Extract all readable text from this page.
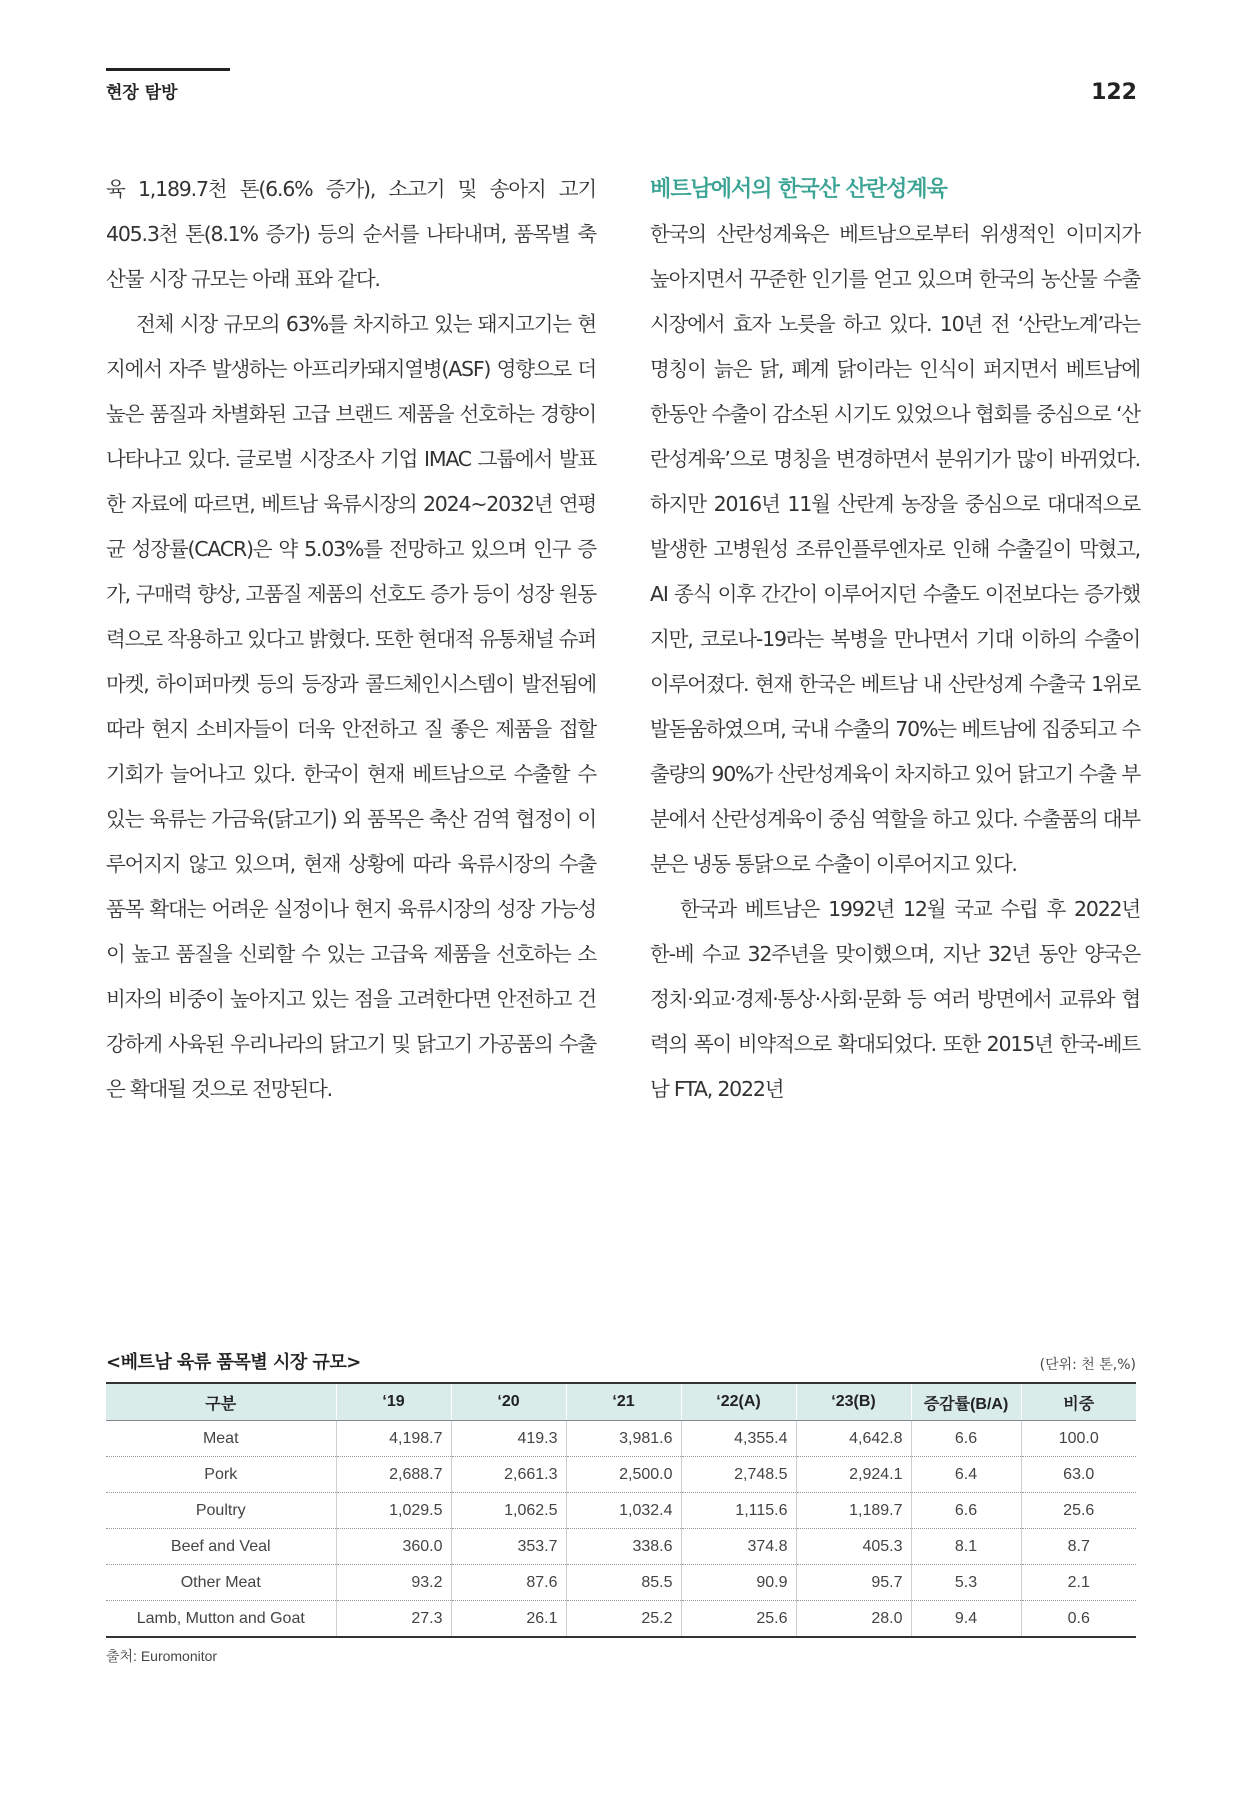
현장 탐방	122

육 1,189.7천 톤(6.6% 증가), 소고기 및 송아지 고기 405.3천 톤(8.1% 증가) 등의 순서를 나타내며, 품목별 축산물 시장 규모는 아래 표와 같다.

전체 시장 규모의 63%를 차지하고 있는 돼지고기는 현지에서 자주 발생하는 아프리카돼지열병(ASF) 영향으로 더 높은 품질과 차별화된 고급 브랜드 제품을 선호하는 경향이 나타나고 있다. 글로벌 시장조사 기업 IMAC 그룹에서 발표한 자료에 따르면, 베트남 육류시장의 2024~2032년 연평균 성장률(CACR)은 약 5.03%를 전망하고 있으며 인구 증가, 구매력 향상, 고품질 제품의 선호도 증가 등이 성장 원동력으로 작용하고 있다고 밝혔다. 또한 현대적 유통채널 슈퍼마켓, 하이퍼마켓 등의 등장과 콜드체인시스템이 발전됨에 따라 현지 소비자들이 더욱 안전하고 질 좋은 제품을 접할 기회가 늘어나고 있다. 한국이 현재 베트남으로 수출할 수 있는 육류는 가금육(닭고기) 외 품목은 축산 검역 협정이 이루어지지 않고 있으며, 현재 상황에 따라 육류시장의 수출 품목 확대는 어려운 실정이나 현지 육류시장의 성장 가능성이 높고 품질을 신뢰할 수 있는 고급육 제품을 선호하는 소비자의 비중이 높아지고 있는 점을 고려한다면 안전하고 건강하게 사육된 우리나라의 닭고기 및 닭고기 가공품의 수출은 확대될 것으로 전망된다.

베트남에서의 한국산 산란성계육

한국의 산란성계육은 베트남으로부터 위생적인 이미지가 높아지면서 꾸준한 인기를 얻고 있으며 한국의 농산물 수출 시장에서 효자 노릇을 하고 있다. 10년 전 ‘산란노계’라는 명칭이 늙은 닭, 폐계 닭이라는 인식이 퍼지면서 베트남에 한동안 수출이 감소된 시기도 있었으나 협회를 중심으로 ‘산란성계육’으로 명칭을 변경하면서 분위기가 많이 바뀌었다. 하지만 2016년 11월 산란계 농장을 중심으로 대대적으로 발생한 고병원성 조류인플루엔자로 인해 수출길이 막혔고, AI 종식 이후 간간이 이루어지던 수출도 이전보다는 증가했지만, 코로나-19라는 복병을 만나면서 기대 이하의 수출이 이루어졌다. 현재 한국은 베트남 내 산란성계 수출국 1위로 발돋움하였으며, 국내 수출의 70%는 베트남에 집중되고 수출량의 90%가 산란성계육이 차지하고 있어 닭고기 수출 부분에서 산란성계육이 중심 역할을 하고 있다. 수출품의 대부분은 냉동 통닭으로 수출이 이루어지고 있다.

한국과 베트남은 1992년 12월 국교 수립 후 2022년 한-베 수교 32주년을 맞이했으며, 지난 32년 동안 양국은 정치·외교·경제·통상·사회·문화 등 여러 방면에서 교류와 협력의 폭이 비약적으로 확대되었다. 또한 2015년 한국-베트남 FTA, 2022년

<베트남 육류 품목별 시장 규모>	(단위: 천 톤,%)
구분	‘19	‘20	‘21	‘22(A)	‘23(B)	증감률(B/A)	비중
Meat	4,198.7	419.3	3,981.6	4,355.4	4,642.8	6.6	100.0
Pork	2,688.7	2,661.3	2,500.0	2,748.5	2,924.1	6.4	63.0
Poultry	1,029.5	1,062.5	1,032.4	1,115.6	1,189.7	6.6	25.6
Beef and Veal	360.0	353.7	338.6	374.8	405.3	8.1	8.7
Other Meat	93.2	87.6	85.5	90.9	95.7	5.3	2.1
Lamb, Mutton and Goat	27.3	26.1	25.2	25.6	28.0	9.4	0.6
출처: Euromonitor
